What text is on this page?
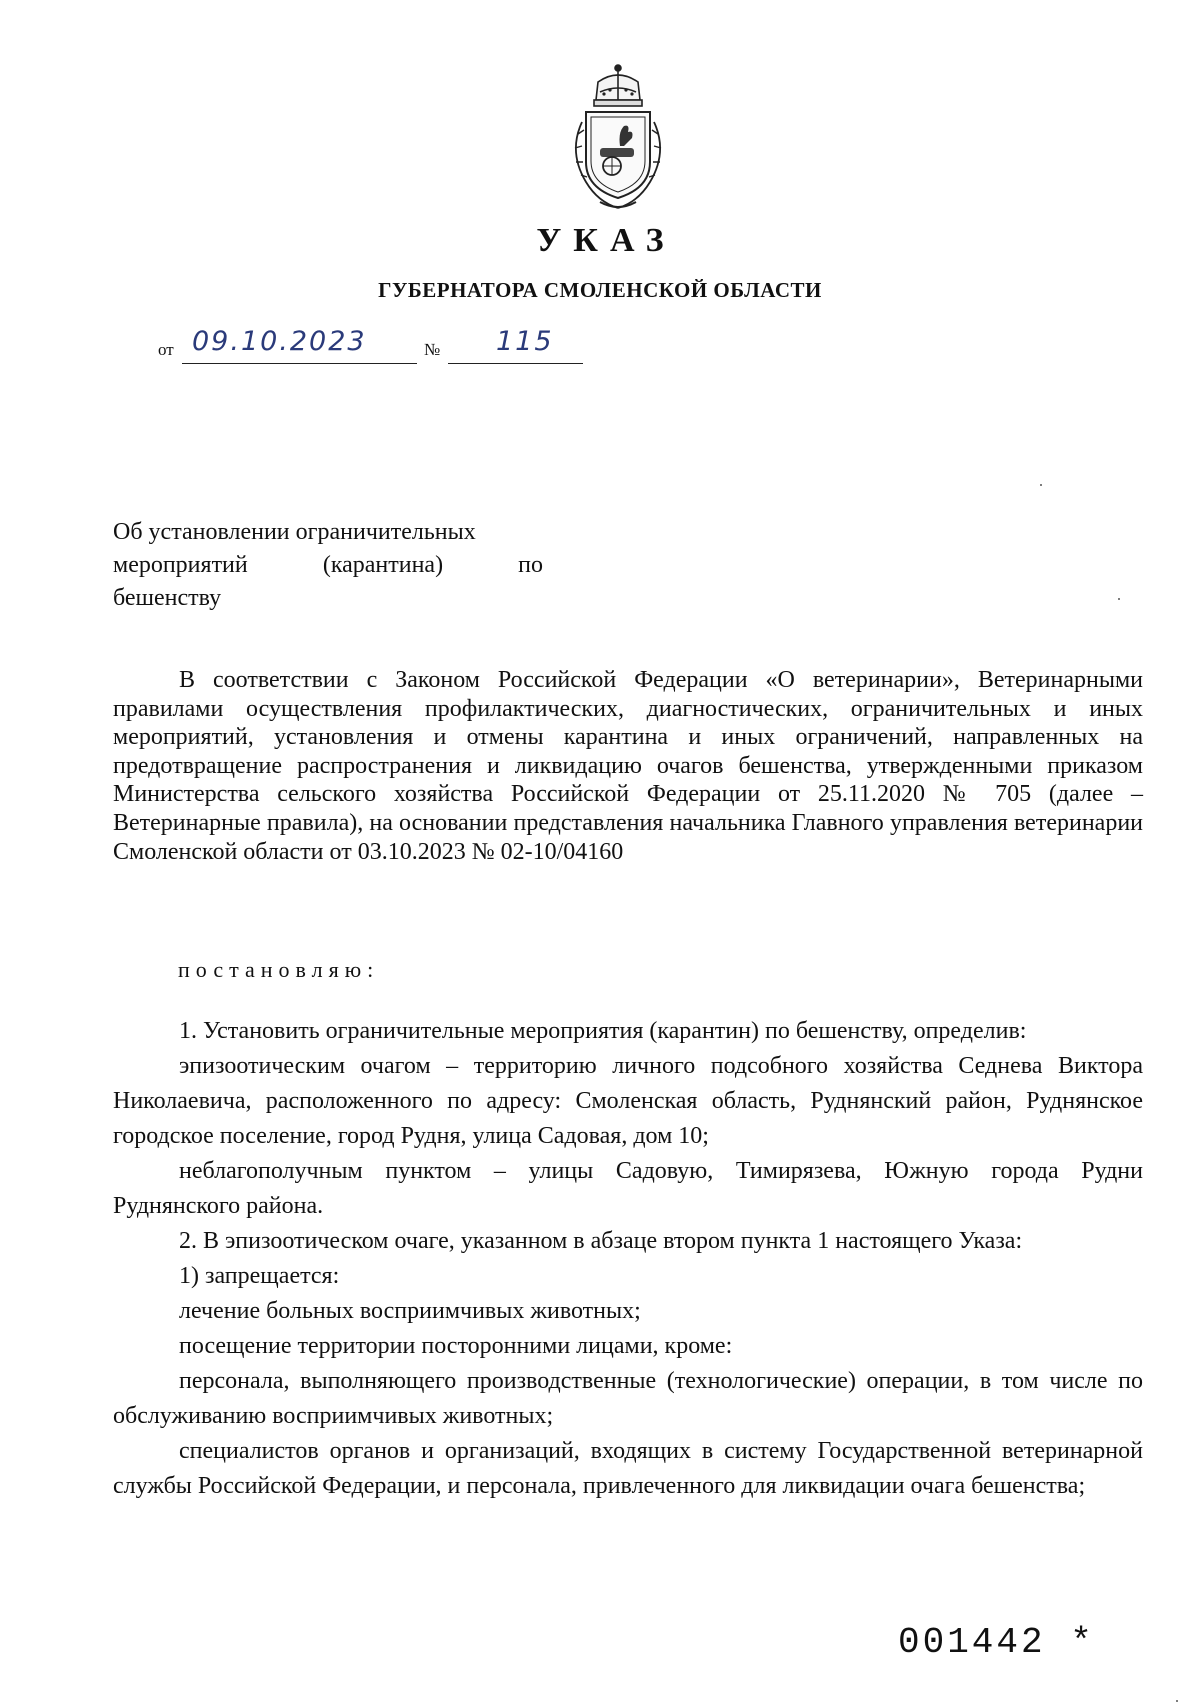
УКАЗ
ГУБЕРНАТОРА СМОЛЕНСКОЙ ОБЛАСТИ
от 09.10.2023	№ 115
Об установлении ограничительных
мероприятий (карантина) по
бешенству

В соответствии с Законом Российской Федерации «О ветеринарии», Ветеринарными правилами осуществления профилактических, диагностических, ограничительных и иных мероприятий, установления и отмены карантина и иных ограничений, направленных на предотвращение распространения и ликвидацию очагов бешенства, утвержденными приказом Министерства сельского хозяйства Российской Федерации от 25.11.2020 № 705 (далее – Ветеринарные правила), на основании представления начальника Главного управления ветеринарии Смоленской области от 03.10.2023 № 02-10/04160

постановляю:

1. Установить ограничительные мероприятия (карантин) по бешенству, определив:

эпизоотическим очагом – территорию личного подсобного хозяйства Седнева Виктора Николаевича, расположенного по адресу: Смоленская область, Руднянский район, Руднянское городское поселение, город Рудня, улица Садовая, дом 10;

неблагополучным пунктом – улицы Садовую, Тимирязева, Южную города Рудни Руднянского района.

2. В эпизоотическом очаге, указанном в абзаце втором пункта 1 настоящего Указа:

1) запрещается:

лечение больных восприимчивых животных;

посещение территории посторонними лицами, кроме:

персонала, выполняющего производственные (технологические) операции, в том числе по обслуживанию восприимчивых животных;

специалистов органов и организаций, входящих в систему Государственной ветеринарной службы Российской Федерации, и персонала, привлеченного для ликвидации очага бешенства;

001442 *
